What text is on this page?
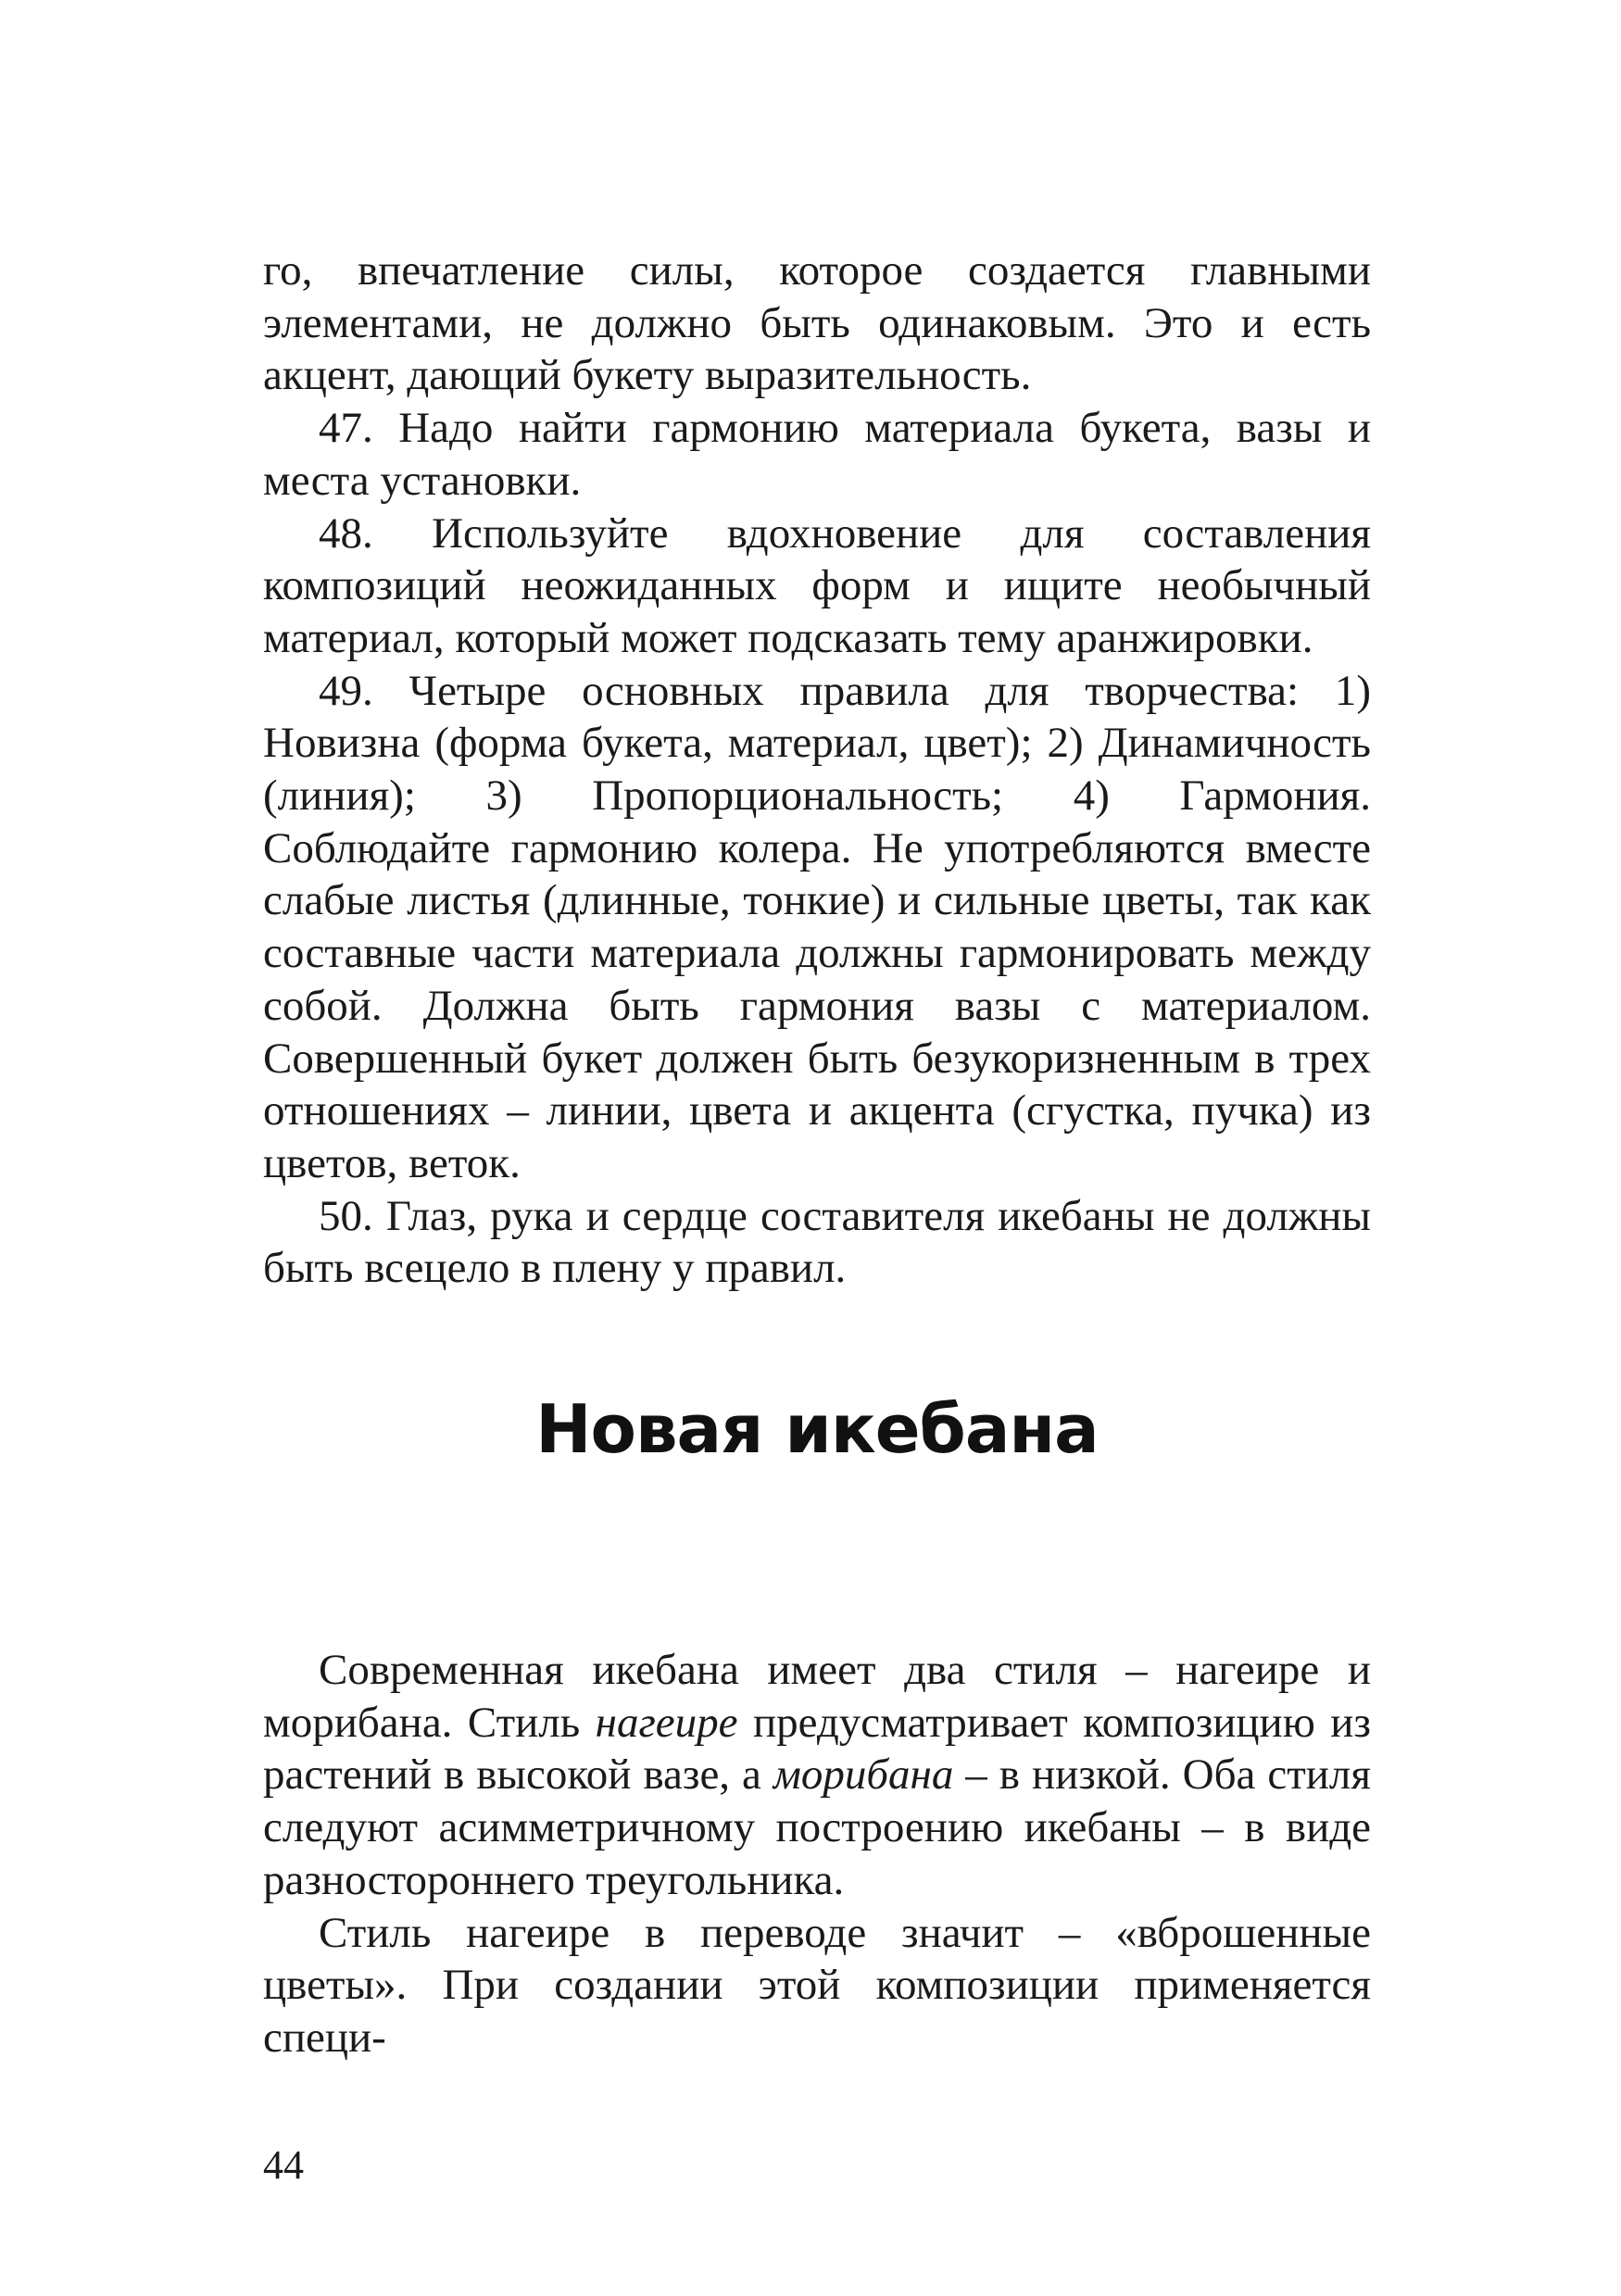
го, впечатление силы, которое создается главными элементами, не должно быть одинаковым. Это и есть акцент, дающий букету выразительность.

47. Надо найти гармонию материала букета, вазы и места установки.

48. Используйте вдохновение для составления композиций неожиданных форм и ищите необычный материал, который может подсказать тему аранжировки.

49. Четыре основных правила для творчества: 1) Новизна (форма букета, материал, цвет); 2) Динамичность (линия); 3) Пропорциональность; 4) Гармония. Соблюдайте гармонию колера. Не употребляются вместе слабые листья (длинные, тонкие) и сильные цветы, так как составные части материала должны гармонировать между собой. Должна быть гармония вазы с материалом. Совершенный букет должен быть безукоризненным в трех отношениях – линии, цвета и акцента (сгустка, пучка) из цветов, веток.

50. Глаз, рука и сердце составителя икебаны не должны быть всецело в плену у правил.

Новая икебана

Современная икебана имеет два стиля – нагеире и морибана. Стиль нагеире предусматривает композицию из растений в высокой вазе, а морибана – в низкой. Оба стиля следуют асимметричному построению икебаны – в виде разностороннего треугольника.

Стиль нагеире в переводе значит – «вброшенные цветы». При создании этой композиции применяется специ-

44
